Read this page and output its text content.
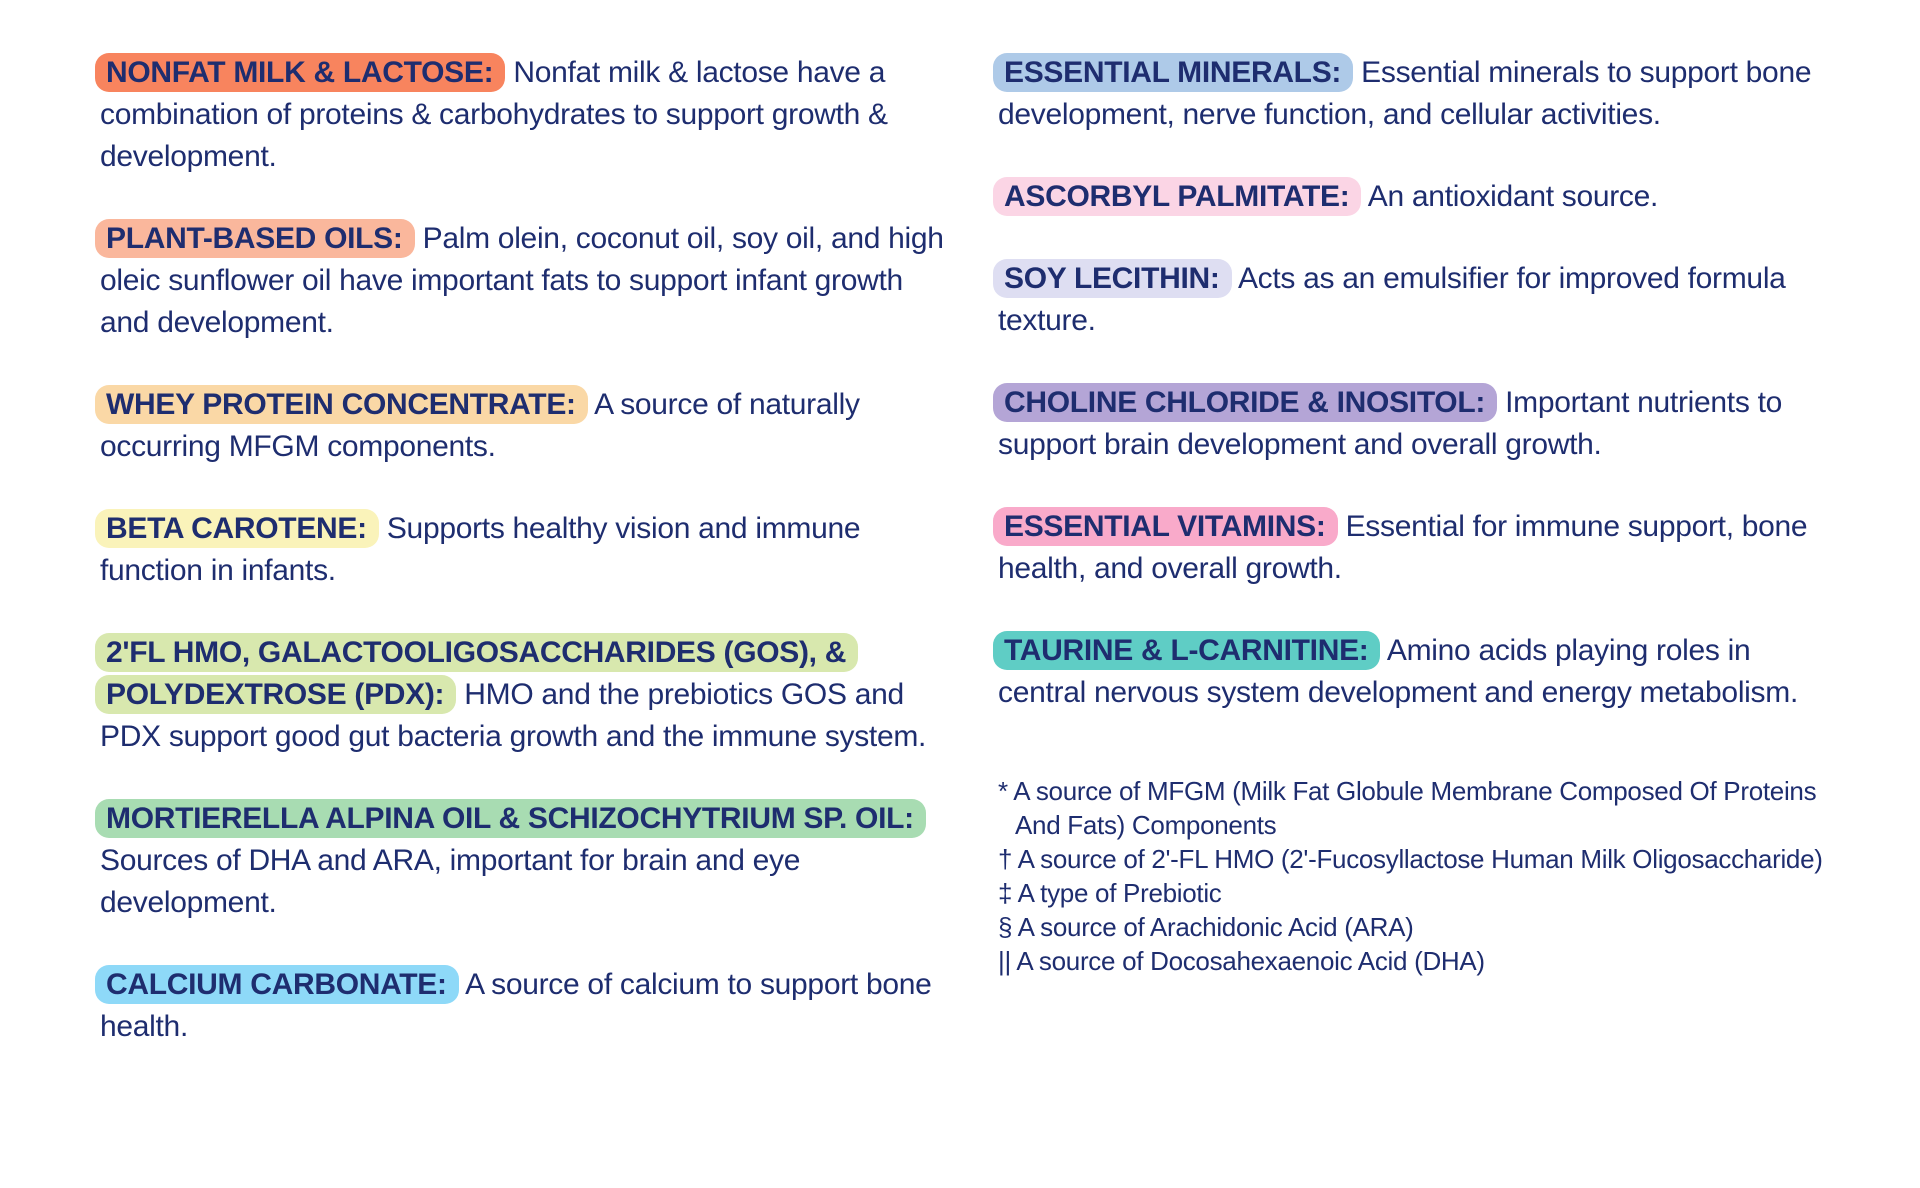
NONFAT MILK & LACTOSE: Nonfat milk & lactose have a combination of proteins & carbohydrates to support growth & development.

PLANT-BASED OILS: Palm olein, coconut oil, soy oil, and high oleic sunflower oil have important fats to support infant growth and development.

WHEY PROTEIN CONCENTRATE: A source of naturally occurring MFGM components.

BETA CAROTENE: Supports healthy vision and immune function in infants.

2'FL HMO, GALACTOOLIGOSACCHARIDES (GOS), & POLYDEXTROSE (PDX): HMO and the prebiotics GOS and PDX support good gut bacteria growth and the immune system.

MORTIERELLA ALPINA OIL & SCHIZOCHYTRIUM SP. OIL: Sources of DHA and ARA, important for brain and eye development.

CALCIUM CARBONATE: A source of calcium to support bone health.

ESSENTIAL MINERALS: Essential minerals to support bone development, nerve function, and cellular activities.

ASCORBYL PALMITATE: An antioxidant source.

SOY LECITHIN: Acts as an emulsifier for improved formula texture.

CHOLINE CHLORIDE & INOSITOL: Important nutrients to support brain development and overall growth.

ESSENTIAL VITAMINS: Essential for immune support, bone health, and overall growth.

TAURINE & L-CARNITINE: Amino acids playing roles in central nervous system development and energy metabolism.

* A source of MFGM (Milk Fat Globule Membrane Composed Of Proteins And Fats) Components
† A source of 2'-FL HMO (2'-Fucosyllactose Human Milk Oligosaccharide)
‡ A type of Prebiotic
§ A source of Arachidonic Acid (ARA)
|| A source of Docosahexaenoic Acid (DHA)
